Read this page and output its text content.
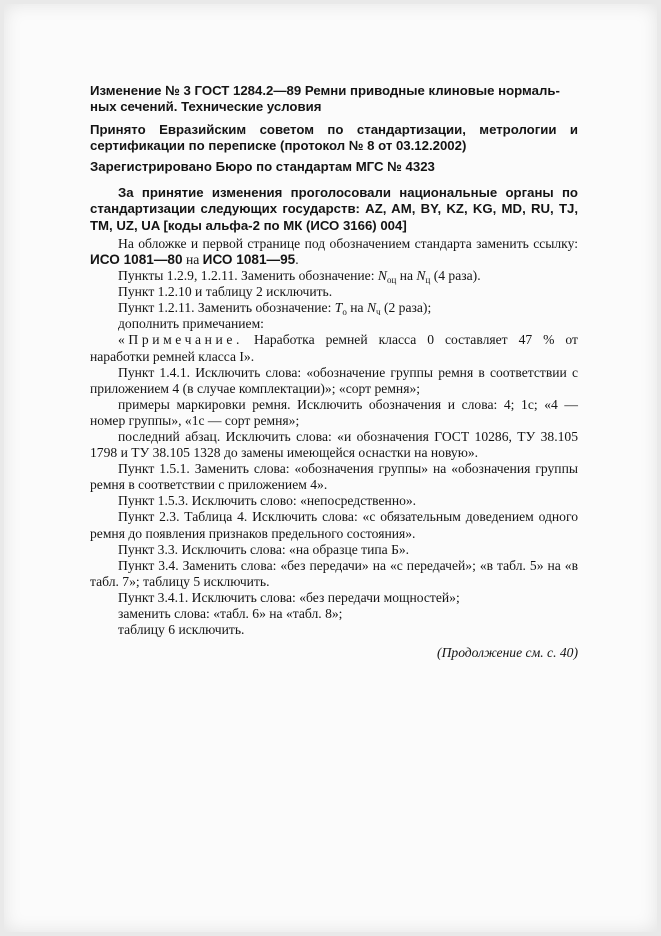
Изменение № 3 ГОСТ 1284.2—89 Ремни приводные клиновые нормаль-
ных сечений. Технические условия

Принято Евразийским советом по стандартизации, метрологии и сертификации по переписке (протокол № 8 от 03.12.2002)

Зарегистрировано Бюро по стандартам МГС № 4323

За принятие изменения проголосовали национальные органы по стандартизации следующих государств: AZ, AM, BY, KZ, KG, MD, RU, TJ, TM, UZ, UA [коды альфа-2 по МК (ИСО 3166) 004]

На обложке и первой странице под обозначением стандарта заменить ссылку: ИСО 1081—80 на ИСО 1081—95.

Пункты 1.2.9, 1.2.11. Заменить обозначение: $N_{оц}$ на $N_ц$ (4 раза).

Пункт 1.2.10 и таблицу 2 исключить.

Пункт 1.2.11. Заменить обозначение: $T_о$ на $N_ч$ (2 раза);

дополнить примечанием:

«Примечание. Наработка ремней класса 0 составляет 47 % от наработки ремней класса I».

Пункт 1.4.1. Исключить слова: «обозначение группы ремня в соответствии с приложением 4 (в случае комплектации)»; «сорт ремня»;

примеры маркировки ремня. Исключить обозначения и слова: 4; 1с; «4 — номер группы», «1с — сорт ремня»;

последний абзац. Исключить слова: «и обозначения ГОСТ 10286, ТУ 38.105 1798 и ТУ 38.105 1328 до замены имеющейся оснастки на новую».

Пункт 1.5.1. Заменить слова: «обозначения группы» на «обозначения группы ремня в соответствии с приложением 4».

Пункт 1.5.3. Исключить слово: «непосредственно».

Пункт 2.3. Таблица 4. Исключить слова: «с обязательным доведением одного ремня до появления признаков предельного состояния».

Пункт 3.3. Исключить слова: «на образце типа Б».

Пункт 3.4. Заменить слова: «без передачи» на «с передачей»; «в табл. 5» на «в табл. 7»; таблицу 5 исключить.

Пункт 3.4.1. Исключить слова: «без передачи мощностей»;

заменить слова: «табл. 6» на «табл. 8»;

таблицу 6 исключить.

(Продолжение см. с. 40)
